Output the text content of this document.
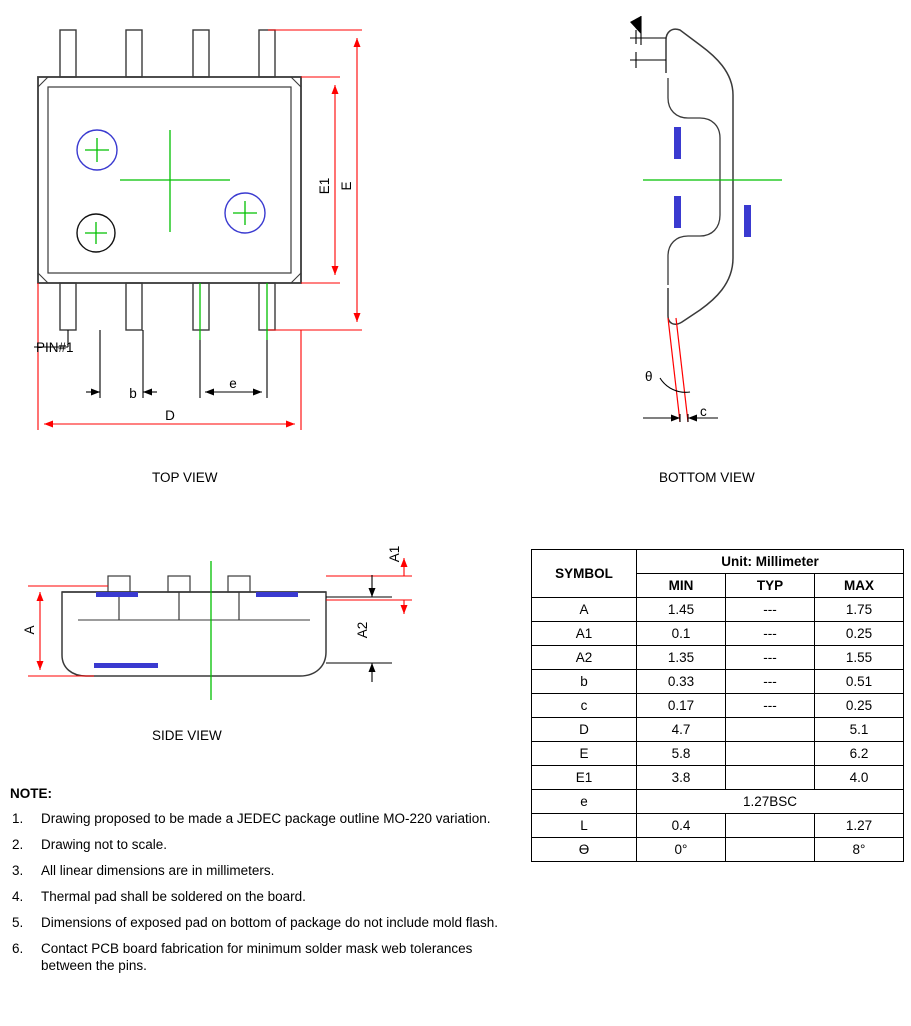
PIN#1
E
E1
D
b
e	θ
c
A
A1
A2
TOP VIEW	BOTTOM VIEW
SIDE VIEW
SYMBOL	Unit: Millimeter		
	MIN	TYP	MAX
A	1.45	---	1.75
A1	0.1	---	0.25
A2	1.35	---	1.55
b	0.33	---	0.51
c	0.17	---	0.25
D	4.7		5.1
E	5.8		6.2
E1	3.8		4.0
e	1.27BSC		
L	0.4		1.27
ϴ	0°		8°
NOTE:
1. Drawing proposed to be made a JEDEC package outline MO-220 variation.
2. Drawing not to scale.
3. All linear dimensions are in millimeters.
4. Thermal pad shall be soldered on the board.
5. Dimensions of exposed pad on bottom of package do not include mold flash.
6. Contact PCB board fabrication for minimum solder mask web tolerances between the pins.
